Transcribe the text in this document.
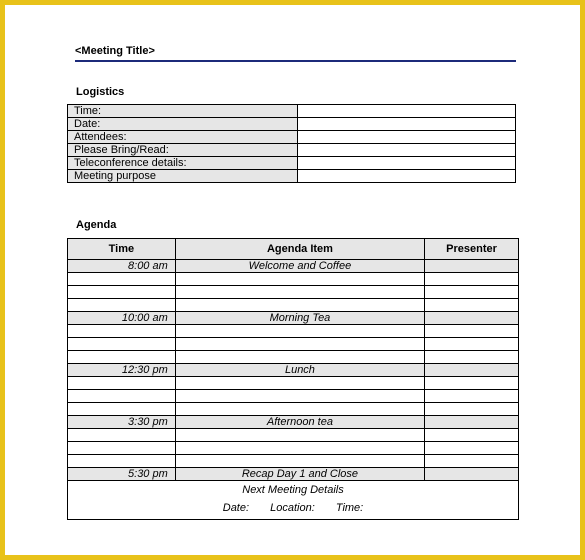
<Meeting Title>
Logistics
Time:	
Date:	
Attendees:	
Please Bring/Read:	
Teleconference details:	
Meeting purpose	
Agenda
Time	Agenda Item	Presenter
8:00 am	Welcome and Coffee	

10:00 am	Morning Tea	

12:30 pm	Lunch	

3:30 pm	Afternoon tea	

5:30 pm	Recap Day 1 and Close	

Next Meeting Details
Date: Location: Time:		
